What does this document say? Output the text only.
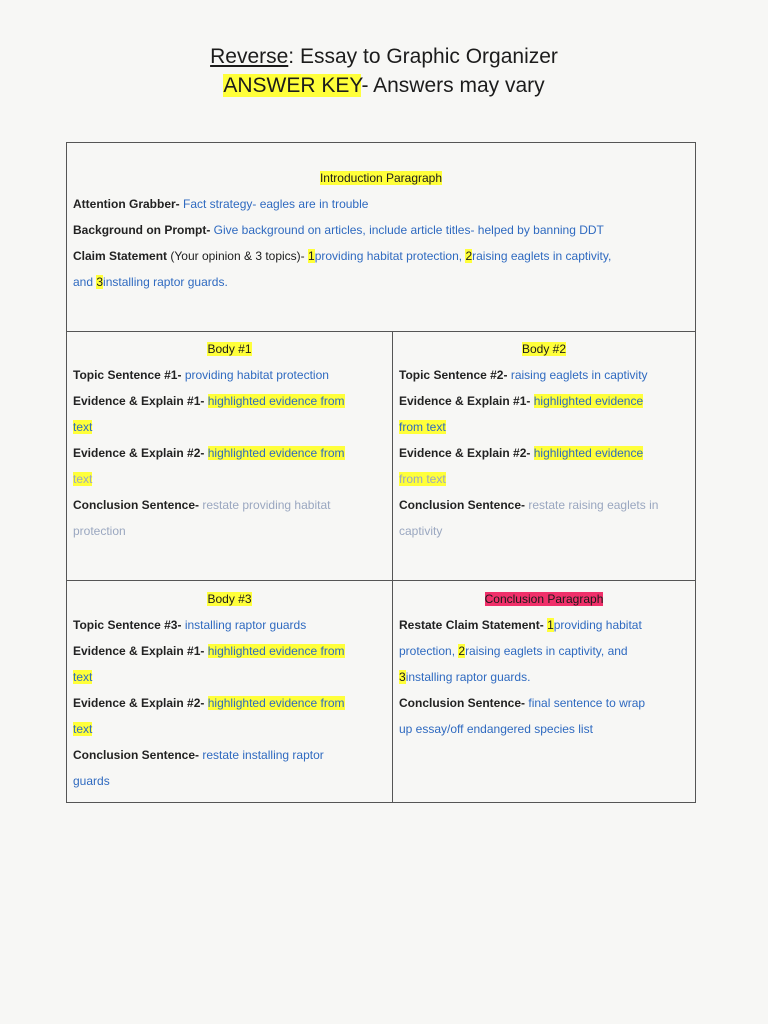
Reverse: Essay to Graphic Organizer
ANSWER KEY- Answers may vary
Introduction Paragraph
Attention Grabber- Fact strategy- eagles are in trouble
Background on Prompt- Give background on articles, include article titles- helped by banning DDT
Claim Statement (Your opinion & 3 topics)- 1providing habitat protection, 2raising eaglets in captivity,
and 3installing raptor guards.
Body #1
Topic Sentence #1- providing habitat protection
Evidence & Explain #1- highlighted evidence from
text
Evidence & Explain #2- highlighted evidence from
text
Conclusion Sentence- restate providing habitat
protection
Body #2
Topic Sentence #2- raising eaglets in captivity
Evidence & Explain #1- highlighted evidence
from text
Evidence & Explain #2- highlighted evidence
from text
Conclusion Sentence- restate raising eaglets in
captivity
Body #3
Topic Sentence #3- installing raptor guards
Evidence & Explain #1- highlighted evidence from
text
Evidence & Explain #2- highlighted evidence from
text
Conclusion Sentence- restate installing raptor
guards
Conclusion Paragraph
Restate Claim Statement- 1providing habitat
protection, 2raising eaglets in captivity, and
3installing raptor guards.
Conclusion Sentence- final sentence to wrap
up essay/off endangered species list
